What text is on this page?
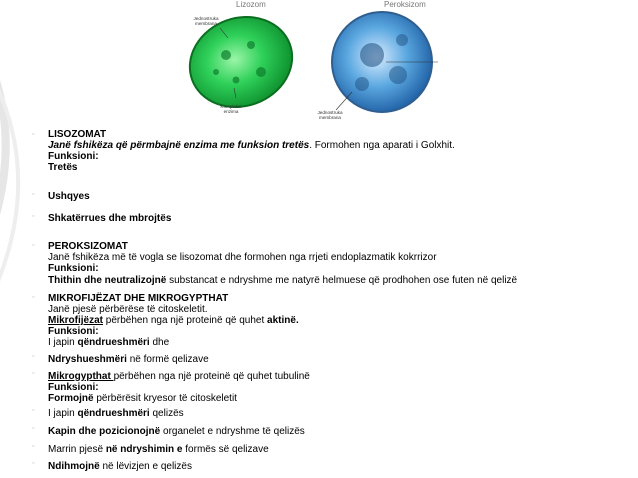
Lizozom	Peroksizom
Jednostruka membrana
Kompleksi enzima	Jednostruka membrana
▫
▫
▫
▫
▫
▫
▫
▫
▫
▫
▫
LISOZOMAT
Janë fshikëza që përmbajnë enzima me funksion tretës. Formohen nga aparati i Golxhit.
Funksioni:
Tretës
Ushqyes
Shkatërrues dhe mbrojtës
PEROKSIZOMAT
Janë fshikëza më të vogla se lisozomat dhe formohen nga rrjeti endoplazmatik kokrrizor
Funksioni:
Thithin dhe neutralizojnë substancat e ndryshme me natyrë helmuese që prodhohen ose futen në qelizë
MIKROFIJËZAT DHE MIKROGYPTHAT
Janë pjesë përbërëse të citoskeletit.
Mikrofijëzat përbëhen nga një proteinë që quhet aktinë.
Funksioni:
I japin qëndrueshmëri dhe
Ndryshueshmëri në formë qelizave
Mikrogypthat përbëhen nga një proteinë që quhet tubulinë
Funksioni:
Formojnë përbërësit kryesor të citoskeletit
I japin qëndrueshmëri qelizës
Kapin dhe pozicionojnë organelet e ndryshme të qelizës
Marrin pjesë në ndryshimin e formës së qelizave
Ndihmojnë në lëvizjen e qelizës
